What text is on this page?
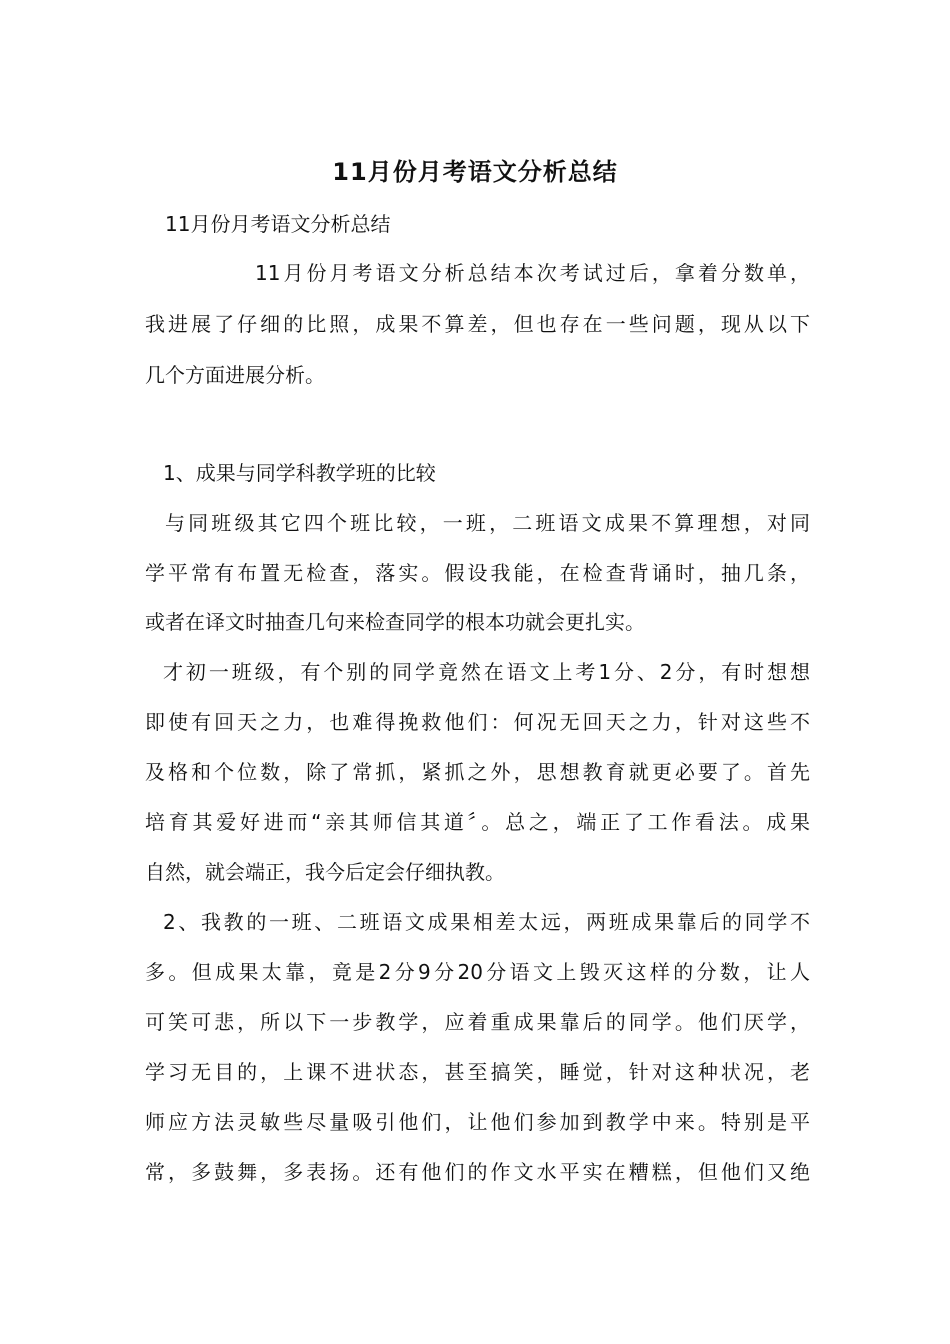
11月份月考语文分析总结
11月份月考语文分析总结
11月份月考语文分析总结本次考试过后，拿着分数单，
我进展了仔细的比照，成果不算差，但也存在一些问题，现从以下
几个方面进展分析。
1、成果与同学科教学班的比较
与同班级其它四个班比较，一班，二班语文成果不算理想，对同
学平常有布置无检查，落实。假设我能，在检查背诵时，抽几条，
或者在译文时抽查几句来检查同学的根本功就会更扎实。
才初一班级，有个别的同学竟然在语文上考1分、2分，有时想想
即使有回天之力，也难得挽救他们：何况无回天之力，针对这些不
及格和个位数，除了常抓，紧抓之外，思想教育就更必要了。首先
培育其爱好进而“亲其师信其道〞。总之，端正了工作看法。成果
自然，就会端正，我今后定会仔细执教。
2、我教的一班、二班语文成果相差太远，两班成果靠后的同学不
多。但成果太靠，竟是2分9分20分语文上毁灭这样的分数，让人
可笑可悲，所以下一步教学，应着重成果靠后的同学。他们厌学，
学习无目的，上课不进状态，甚至搞笑，睡觉，针对这种状况，老
师应方法灵敏些尽量吸引他们，让他们参加到教学中来。特别是平
常，多鼓舞，多表扬。还有他们的作文水平实在糟糕，但他们又绝
